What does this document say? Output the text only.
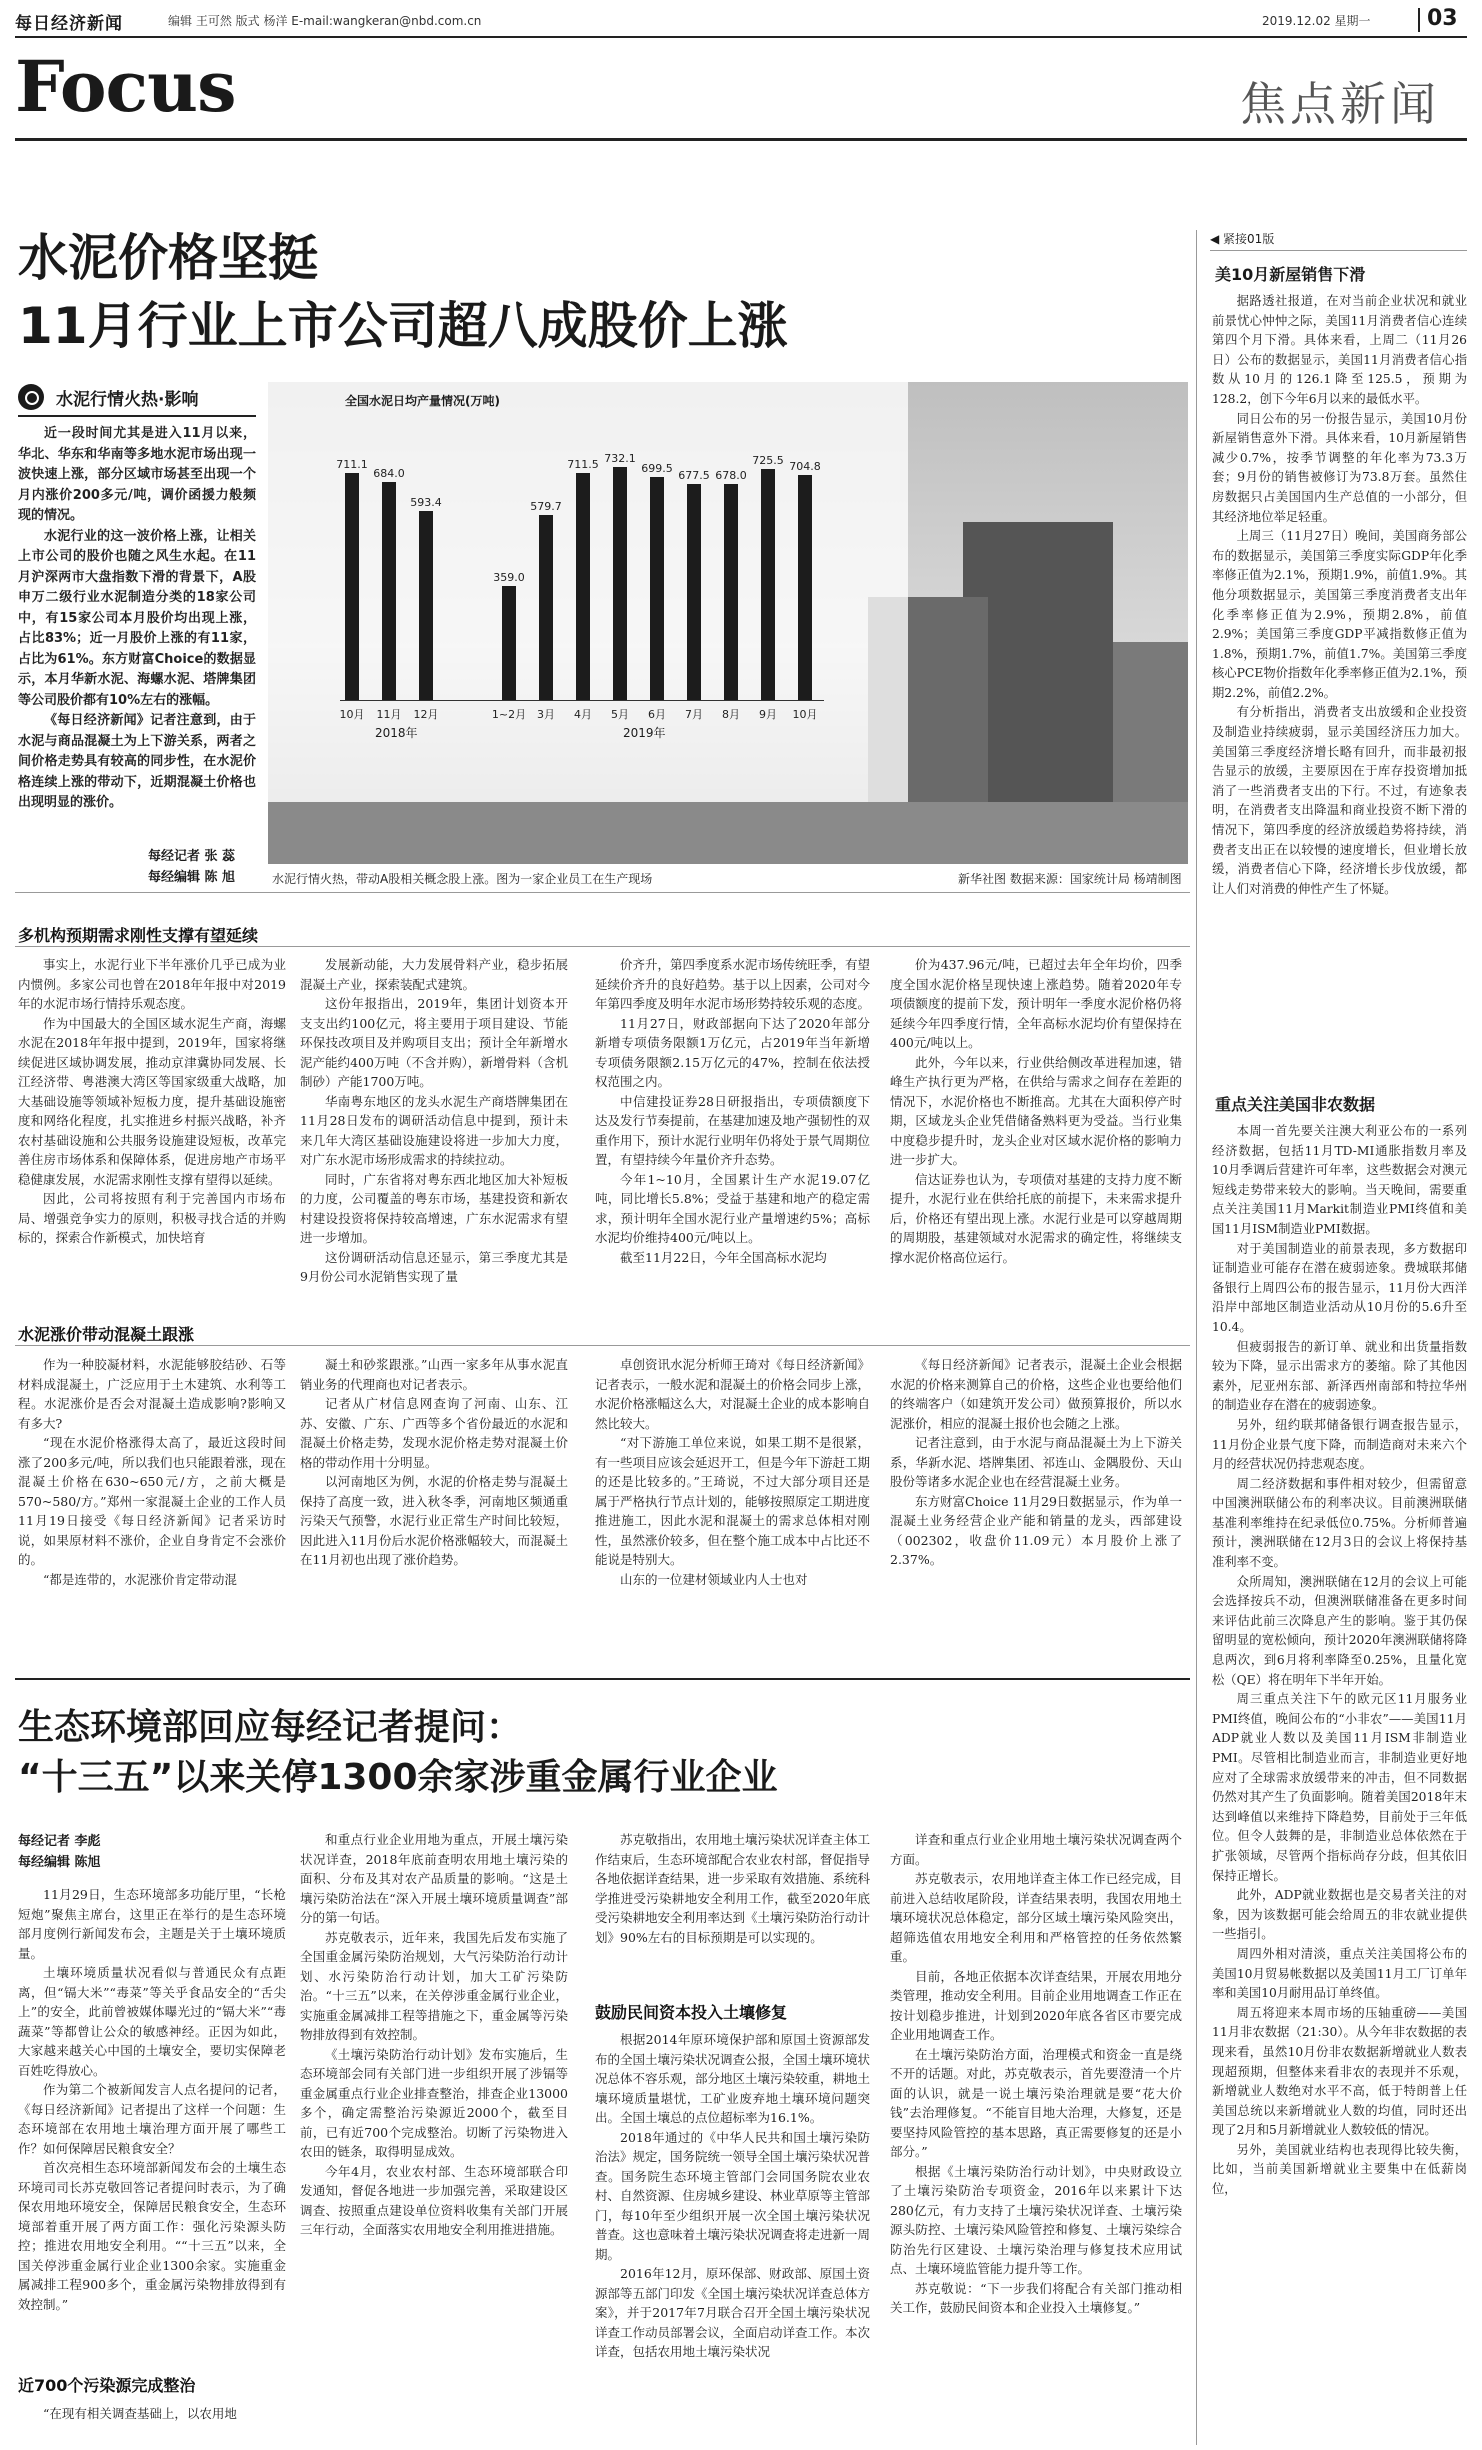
每日经济新闻	编辑 王可然 版式 杨洋 E-mail:wangkeran@nbd.com.cn	2019.12.02 星期一	03
Focus	焦点新闻
水泥价格坚挺
11月行业上市公司超八成股价上涨
水泥行情火热·影响

近一段时间尤其是进入11月以来，华北、华东和华南等多地水泥市场出现一波快速上涨，部分区域市场甚至出现一个月内涨价200多元/吨，调价函援力般频现的情况。

水泥行业的这一波价格上涨，让相关上市公司的股价也随之风生水起。在11月沪深两市大盘指数下滑的背景下，A股申万二级行业水泥制造分类的18家公司中，有15家公司本月股价均出现上涨，占比83%；近一月股价上涨的有11家，占比为61%。东方财富Choice的数据显示，本月华新水泥、海螺水泥、塔牌集团等公司股价都有10%左右的涨幅。

《每日经济新闻》记者注意到，由于水泥与商品混凝土为上下游关系，两者之间价格走势具有较高的同步性，在水泥价格连续上涨的带动下，近期混凝土价格也出现明显的涨价。

每经记者 张 蕊
每经编辑 陈 旭
全国水泥日均产量情况(万吨)
711.1
10月
684.0
11月
593.4
12月
359.0
1~2月
579.7
3月
711.5
4月
732.1
5月
699.5
6月
677.5
7月
678.0
8月
725.5
9月
704.8
10月
2018年	2019年
水泥行情火热，带动A股相关概念股上涨。图为一家企业员工在生产现场	新华社图 数据来源：国家统计局 杨靖制图
多机构预期需求刚性支撑有望延续

事实上，水泥行业下半年涨价几乎已成为业内惯例。多家公司也曾在2018年年报中对2019年的水泥市场行情持乐观态度。

作为中国最大的全国区域水泥生产商，海螺水泥在2018年年报中提到，2019年，国家将继续促进区域协调发展，推动京津冀协同发展、长江经济带、粤港澳大湾区等国家级重大战略，加大基础设施等领域补短板力度，提升基础设施密度和网络化程度，扎实推进乡村振兴战略，补齐农村基础设施和公共服务设施建设短板，改革完善住房市场体系和保障体系，促进房地产市场平稳健康发展，水泥需求刚性支撑有望得以延续。

因此，公司将按照有利于完善国内市场布局、增强竞争实力的原则，积极寻找合适的并购标的，探索合作新模式，加快培育

发展新动能，大力发展骨料产业，稳步拓展混凝土产业，探索装配式建筑。

这份年报指出，2019年，集团计划资本开支支出约100亿元，将主要用于项目建设、节能环保技改项目及并购项目支出；预计全年新增水泥产能约400万吨（不含并购），新增骨料（含机制砂）产能1700万吨。

华南粤东地区的龙头水泥生产商塔牌集团在11月28日发布的调研活动信息中提到，预计未来几年大湾区基础设施建设将进一步加大力度，对广东水泥市场形成需求的持续拉动。

同时，广东省将对粤东西北地区加大补短板的力度，公司覆盖的粤东市场，基建投资和新农村建设投资将保持较高增速，广东水泥需求有望进一步增加。

这份调研活动信息还显示，第三季度尤其是9月份公司水泥销售实现了量

价齐升，第四季度系水泥市场传统旺季，有望延续价齐升的良好趋势。基于以上因素，公司对今年第四季度及明年水泥市场形势持较乐观的态度。

11月27日，财政部据向下达了2020年部分新增专项债务限额1万亿元，占2019年当年新增专项债务限额2.15万亿元的47%，控制在依法授权范围之内。

中信建投证券28日研报指出，专项债额度下达及发行节奏提前，在基建加速及地产强韧性的双重作用下，预计水泥行业明年仍将处于景气周期位置，有望持续今年量价齐升态势。

今年1~10月，全国累计生产水泥19.07亿吨，同比增长5.8%；受益于基建和地产的稳定需求，预计明年全国水泥行业产量增速约5%；高标水泥均价维持400元/吨以上。

截至11月22日，今年全国高标水泥均

价为437.96元/吨，已超过去年全年均价，四季度全国水泥价格呈现快速上涨趋势。随着2020年专项债额度的提前下发，预计明年一季度水泥价格仍将延续今年四季度行情，全年高标水泥均价有望保持在400元/吨以上。

此外，今年以来，行业供给侧改革进程加速，错峰生产执行更为严格，在供给与需求之间存在差距的情况下，水泥价格也不断推高。尤其在大面积停产时期，区域龙头企业凭借储备熟料更为受益。当行业集中度稳步提升时，龙头企业对区域水泥价格的影响力进一步扩大。

信达证券也认为，专项债对基建的支持力度不断提升，水泥行业在供给托底的前提下，未来需求提升后，价格还有望出现上涨。水泥行业是可以穿越周期的周期股，基建领域对水泥需求的确定性，将继续支撑水泥价格高位运行。

水泥涨价带动混凝土跟涨

作为一种胶凝材料，水泥能够胶结砂、石等材料成混凝土，广泛应用于土木建筑、水利等工程。水泥涨价是否会对混凝土造成影响?影响又有多大?

“现在水泥价格涨得太高了，最近这段时间涨了200多元/吨，所以我们也只能跟着涨，现在混凝土价格在630~650元/方，之前大概是570~580/方。”郑州一家混凝土企业的工作人员11月19日接受《每日经济新闻》记者采访时说，如果原材料不涨价，企业自身肯定不会涨价的。

“都是连带的，水泥涨价肯定带动混

凝土和砂浆跟涨。”山西一家多年从事水泥直销业务的代理商也对记者表示。

记者从广材信息网查询了河南、山东、江苏、安徽、广东、广西等多个省份最近的水泥和混凝土价格走势，发现水泥价格走势对混凝土价格的带动作用十分明显。

以河南地区为例，水泥的价格走势与混凝土保持了高度一致，进入秋冬季，河南地区频通重污染天气预警，水泥行业正常生产时间比较短，因此进入11月份后水泥价格涨幅较大，而混凝土在11月初也出现了涨价趋势。

卓创资讯水泥分析师王琦对《每日经济新闻》记者表示，一般水泥和混凝土的价格会同步上涨，水泥价格涨幅这么大，对混凝土企业的成本影响自然比较大。

“对下游施工单位来说，如果工期不是很紧，有一些项目应该会延迟开工，但是今年下游赶工期的还是比较多的。”王琦说，不过大部分项目还是属于严格执行节点计划的，能够按照原定工期进度推进施工，因此水泥和混凝土的需求总体相对刚性，虽然涨价较多，但在整个施工成本中占比还不能说是特别大。

山东的一位建材领域业内人士也对

《每日经济新闻》记者表示，混凝土企业会根据水泥的价格来测算自己的价格，这些企业也要给他们的终端客户（如建筑开发公司）做预算报价，所以水泥涨价，相应的混凝土报价也会随之上涨。

记者注意到，由于水泥与商品混凝土为上下游关系，华新水泥、塔牌集团、祁连山、金隅股份、天山股份等诸多水泥企业也在经营混凝土业务。

东方财富Choice 11月29日数据显示，作为单一混凝土业务经营企业产能和销量的龙头，西部建设（002302，收盘价11.09元）本月股价上涨了2.37%。

生态环境部回应每经记者提问：
“十三五”以来关停1300余家涉重金属行业企业
每经记者 李彪
每经编辑 陈旭

11月29日，生态环境部多功能厅里，“长枪短炮”聚焦主席台，这里正在举行的是生态环境部月度例行新闻发布会，主题是关于土壤环境质量。

土壤环境质量状况看似与普通民众有点距离，但“镉大米”“毒菜”等关乎食品安全的“舌尖上”的安全，此前曾被媒体曝光过的“镉大米”“毒蔬菜”等都曾让公众的敏感神经。正因为如此，大家越来越关心中国的土壤安全，要切实保障老百姓吃得放心。

作为第二个被新闻发言人点名提问的记者，《每日经济新闻》记者提出了这样一个问题：生态环境部在农用地土壤治理方面开展了哪些工作？如何保障居民粮食安全？

首次亮相生态环境部新闻发布会的土壤生态环境司司长苏克敬回答记者提问时表示，为了确保农用地环境安全，保障居民粮食安全，生态环境部着重开展了两方面工作：强化污染源头防控；推进农用地安全利用。““十三五”以来，全国关停涉重金属行业企业1300余家。实施重金属减排工程900多个，重金属污染物排放得到有效控制。”

近700个污染源完成整治

“在现有相关调查基础上，以农用地

和重点行业企业用地为重点，开展土壤污染状况详查，2018年底前查明农用地土壤污染的面积、分布及其对农产品质量的影响。“这是土壤污染防治法在“深入开展土壤环境质量调查”部分的第一句话。

苏克敬表示，近年来，我国先后发布实施了全国重金属污染防治规划，大气污染防治行动计划、水污染防治行动计划，加大工矿污染防治。“十三五”以来，在关停涉重金属行业企业，实施重金属减排工程等措施之下，重金属等污染物排放得到有效控制。

《土壤污染防治行动计划》发布实施后，生态环境部会同有关部门进一步组织开展了涉镉等重金属重点行业企业排查整治，排查企业13000多个，确定需整治污染源近2000个，截至目前，已有近700个完成整治。切断了污染物进入农田的链条，取得明显成效。

今年4月，农业农村部、生态环境部联合印发通知，督促各地进一步加强完善，采取建设区调查、按照重点建设单位资料收集有关部门开展三年行动，全面落实农用地安全利用推进措施。

苏克敬指出，农用地土壤污染状况详查主体工作结束后，生态环境部配合农业农村部，督促指导各地依据详查结果，进一步采取有效措施、系统科学推进受污染耕地安全利用工作，截至2020年底受污染耕地安全利用率达到《土壤污染防治行动计划》90%左右的目标预期是可以实现的。

鼓励民间资本投入土壤修复

根据2014年原环境保护部和原国土资源部发布的全国土壤污染状况调查公报，全国土壤环境状况总体不容乐观，部分地区土壤污染较重，耕地土壤环境质量堪忧，工矿业废弃地土壤环境问题突出。全国土壤总的点位超标率为16.1%。

2018年通过的《中华人民共和国土壤污染防治法》规定，国务院统一领导全国土壤污染状况普查。国务院生态环境主管部门会同国务院农业农村、自然资源、住房城乡建设、林业草原等主管部门，每10年至少组织开展一次全国土壤污染状况普查。这也意味着土壤污染状况调查将走进新一周期。

2016年12月，原环保部、财政部、原国土资源部等五部门印发《全国土壤污染状况详查总体方案》，并于2017年7月联合召开全国土壤污染状况详查工作动员部署会议，全面启动详查工作。本次详查，包括农用地土壤污染状况

详查和重点行业企业用地土壤污染状况调查两个方面。

苏克敬表示，农用地详查主体工作已经完成，目前进入总结收尾阶段，详查结果表明，我国农用地土壤环境状况总体稳定，部分区域土壤污染风险突出，超筛选值农用地安全利用和严格管控的任务依然繁重。

目前，各地正依据本次详查结果，开展农用地分类管理，推动安全利用。目前企业用地调查工作正在按计划稳步推进，计划到2020年底各省区市要完成企业用地调查工作。

在土壤污染防治方面，治理模式和资金一直是绕不开的话题。对此，苏克敬表示，首先要澄清一个片面的认识，就是一说土壤污染治理就是要“花大价钱”去治理修复。“不能盲目地大治理，大修复，还是要坚持风险管控的基本思路，真正需要修复的还是小部分。”

根据《土壤污染防治行动计划》，中央财政设立了土壤污染防治专项资金，2016年以来累计下达280亿元，有力支持了土壤污染状况详查、土壤污染源头防控、土壤污染风险管控和修复、土壤污染综合防治先行区建设、土壤污染治理与修复技术应用试点、土壤环境监管能力提升等工作。

苏克敬说：“下一步我们将配合有关部门推动相关工作，鼓励民间资本和企业投入土壤修复。”

◀ 紧接01版
美10月新屋销售下滑

据路透社报道，在对当前企业状况和就业前景忧心忡忡之际，美国11月消费者信心连续第四个月下滑。具体来看，上周二（11月26日）公布的数据显示，美国11月消费者信心指数从10月的126.1降至125.5，预期为128.2，创下今年6月以来的最低水平。

同日公布的另一份报告显示，美国10月份新屋销售意外下滑。具体来看，10月新屋销售减少0.7%，按季节调整的年化率为73.3万套；9月份的销售被修订为73.8万套。虽然住房数据只占美国国内生产总值的一小部分，但其经济地位举足轻重。

上周三（11月27日）晚间，美国商务部公布的数据显示，美国第三季度实际GDP年化季率修正值为2.1%，预期1.9%，前值1.9%。其他分项数据显示，美国第三季度消费者支出年化季率修正值为2.9%，预期2.8%，前值2.9%；美国第三季度GDP平减指数修正值为1.8%，预期1.7%，前值1.7%。美国第三季度核心PCE物价指数年化季率修正值为2.1%，预期2.2%，前值2.2%。

有分析指出，消费者支出放缓和企业投资及制造业持续疲弱，显示美国经济压力加大。美国第三季度经济增长略有回升，而非最初报告显示的放缓，主要原因在于库存投资增加抵消了一些消费者支出的下行。不过，有迹象表明，在消费者支出降温和商业投资不断下滑的情况下，第四季度的经济放缓趋势将持续，消费者支出正在以较慢的速度增长，但业增长放缓，消费者信心下降，经济增长步伐放缓，都让人们对消费的伸性产生了怀疑。

重点关注美国非农数据

本周一首先要关注澳大利亚公布的一系列经济数据，包括11月TD-MI通胀指数月率及10月季调后营建许可年率，这些数据会对澳元短线走势带来较大的影响。当天晚间，需要重点关注美国11月Markit制造业PMI终值和美国11月ISM制造业PMI数据。

对于美国制造业的前景表现，多方数据印证制造业可能存在潜在疲弱迹象。费城联邦储备银行上周四公布的报告显示，11月份大西洋沿岸中部地区制造业活动从10月份的5.6升至10.4。

但疲弱报告的新订单、就业和出货量指数较为下降，显示出需求方的萎缩。除了其他因素外，尼亚州东部、新泽西州南部和特拉华州的制造业存在潜在的疲弱迹象。

另外，纽约联邦储备银行调查报告显示，11月份企业景气度下降，而制造商对未来六个月的经营状况仍持悲观态度。

周二经济数据和事件相对较少，但需留意中国澳洲联储公布的利率决议。目前澳洲联储基准利率维持在纪录低位0.75%。分析师普遍预计，澳洲联储在12月3日的会议上将保持基准利率不变。

众所周知，澳洲联储在12月的会议上可能会选择按兵不动，但澳洲联储准备在更多时间来评估此前三次降息产生的影响。鉴于其仍保留明显的宽松倾向，预计2020年澳洲联储将降息两次，到6月将利率降至0.25%，且量化宽松（QE）将在明年下半年开始。

周三重点关注下午的欧元区11月服务业PMI终值，晚间公布的“小非农”——美国11月ADP就业人数以及美国11月ISM非制造业PMI。尽管相比制造业而言，非制造业更好地应对了全球需求放缓带来的冲击，但不同数据仍然对其产生了负面影响。随着美国2018年末达到峰值以来维持下降趋势，目前处于三年低位。但令人鼓舞的是，非制造业总体依然在于扩张领域，尽管两个指标尚存分歧，但其依旧保持正增长。

此外，ADP就业数据也是交易者关注的对象，因为该数据可能会给周五的非农就业提供一些指引。

周四外相对清淡，重点关注美国将公布的美国10月贸易帐数据以及美国11月工厂订单年率和美国10月耐用品订单终值。

周五将迎来本周市场的压轴重磅——美国11月非农数据（21:30）。从今年非农数据的表现来看，虽然10月份非农数据新增就业人数表现超预期，但整体来看非农的表现并不乐观，新增就业人数绝对水平不高，低于特朗普上任美国总统以来新增就业人数的均值，同时还出现了2月和5月新增就业人数较低的情况。

另外，美国就业结构也表现得比较失衡，比如，当前美国新增就业主要集中在低薪岗位，
